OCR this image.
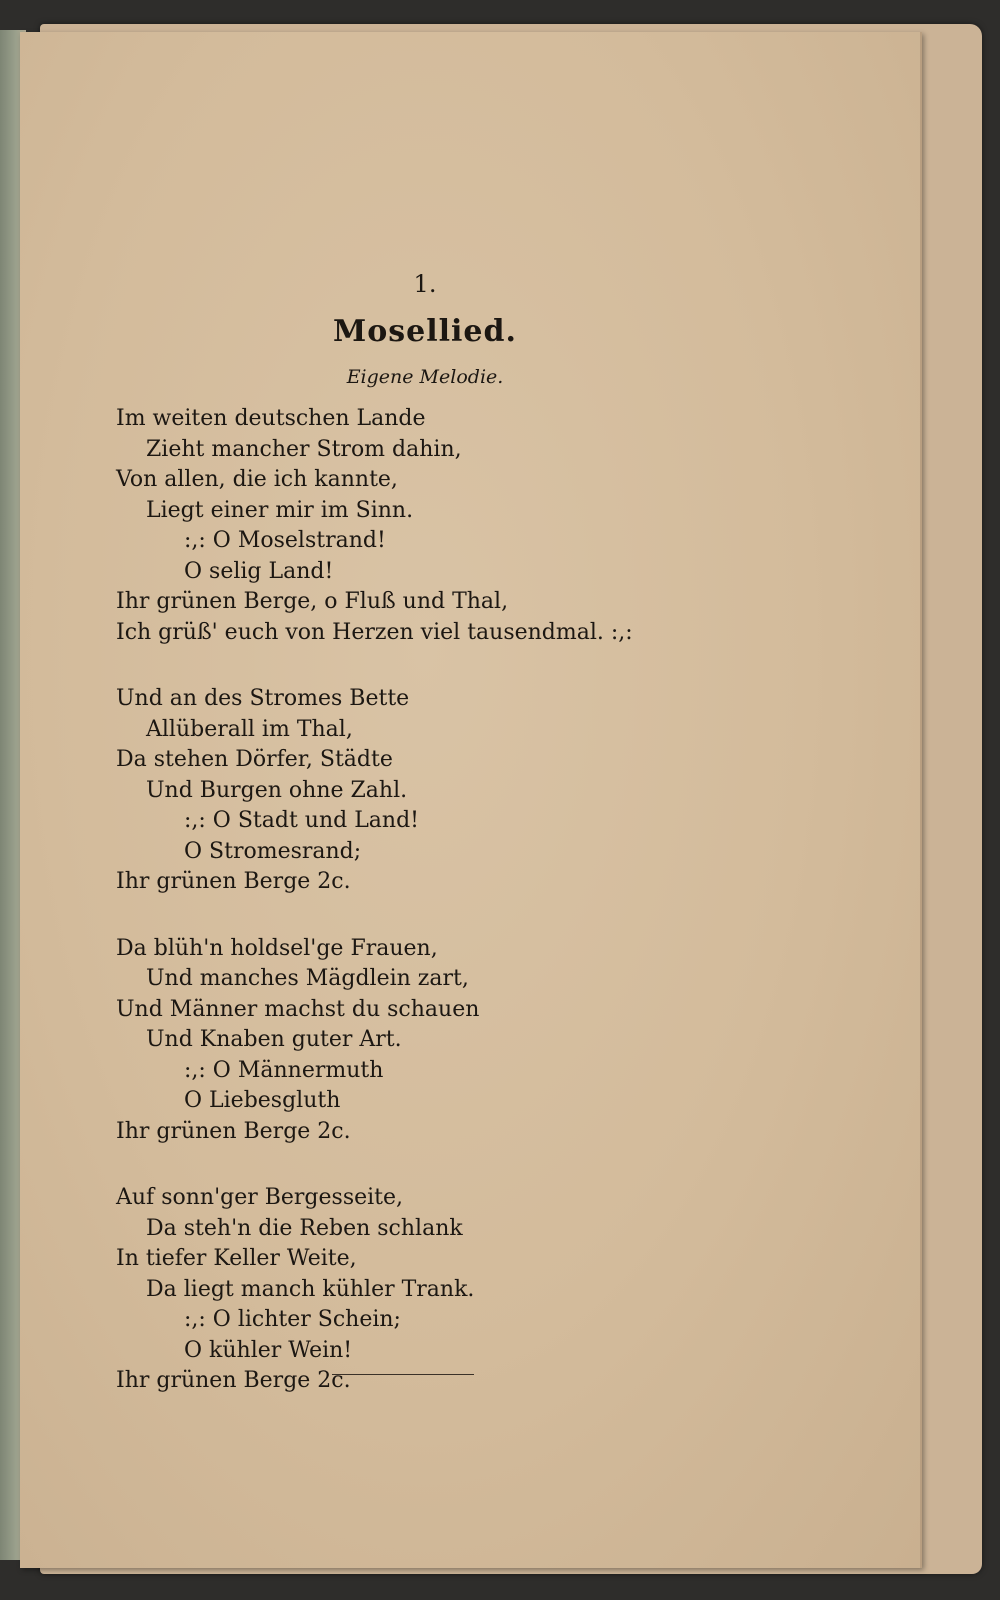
1.
Mosellied.
Eigene Melodie.
Im weiten deutschen Lande
Zieht mancher Strom dahin,
Von allen, die ich kannte,
Liegt einer mir im Sinn.
:,: O Moselstrand!
O selig Land!
Ihr grünen Berge, o Fluß und Thal,
Ich grüß' euch von Herzen viel tausendmal. :,:
Und an des Stromes Bette
Allüberall im Thal,
Da stehen Dörfer, Städte
Und Burgen ohne Zahl.
:,: O Stadt und Land!
O Stromesrand;
Ihr grünen Berge 2c.
Da blüh'n holdsel'ge Frauen,
Und manches Mägdlein zart,
Und Männer machst du schauen
Und Knaben guter Art.
:,: O Männermuth
O Liebesgluth
Ihr grünen Berge 2c.
Auf sonn'ger Bergesseite,
Da steh'n die Reben schlank
In tiefer Keller Weite,
Da liegt manch kühler Trank.
:,: O lichter Schein;
O kühler Wein!
Ihr grünen Berge 2c.
